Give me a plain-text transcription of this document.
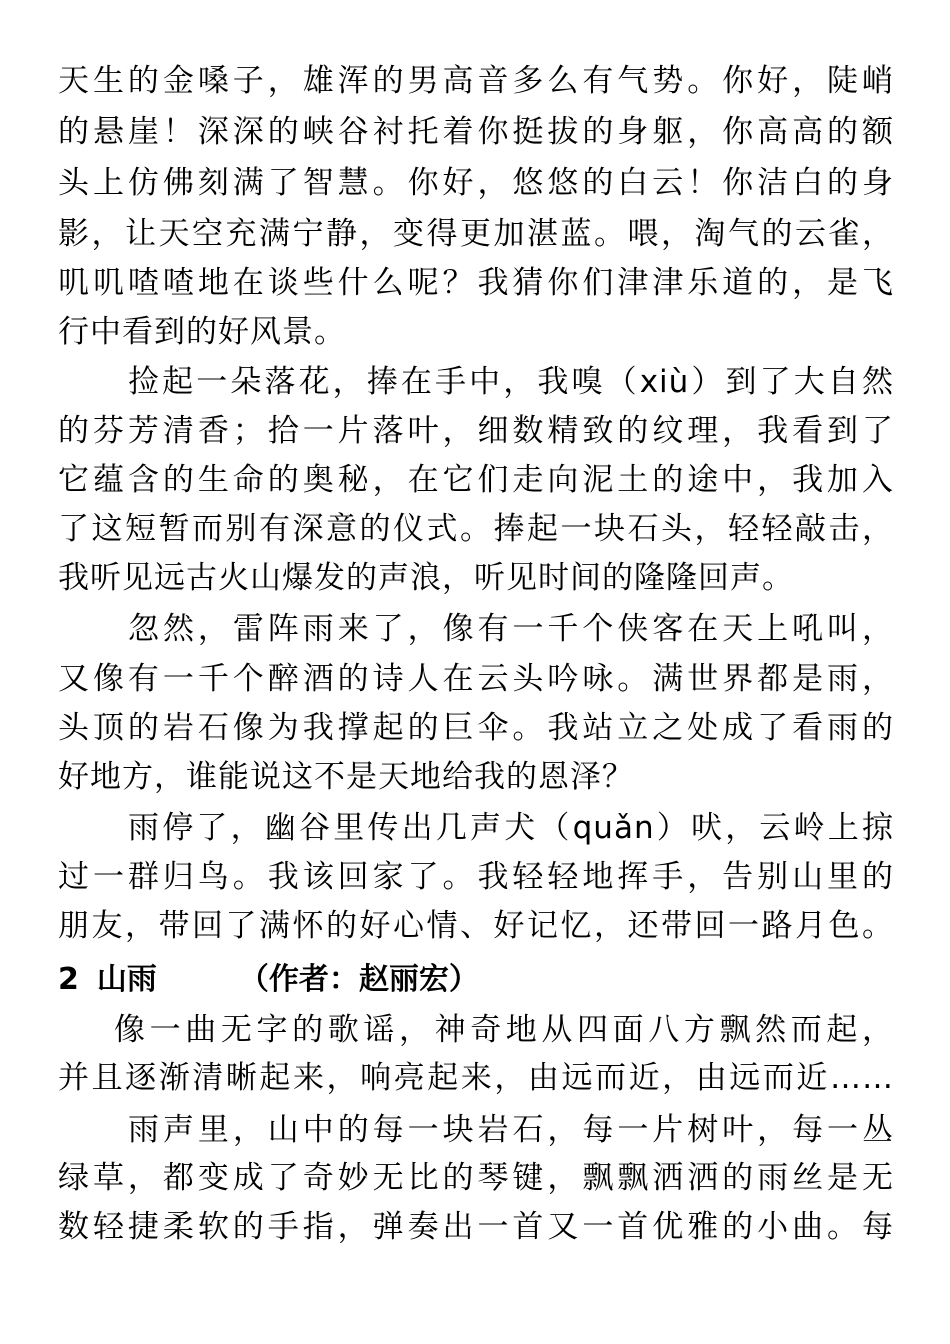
天生的金嗓子，雄浑的男高音多么有气势。你好，陡峭
的悬崖！深深的峡谷衬托着你挺拔的身躯，你高高的额
头上仿佛刻满了智慧。你好，悠悠的白云！你洁白的身
影，让天空充满宁静，变得更加湛蓝。喂，淘气的云雀，
叽叽喳喳地在谈些什么呢？我猜你们津津乐道的，是飞
行中看到的好风景。
捡起一朵落花，捧在手中，我嗅（xiù）到了大自然
的芬芳清香；拾一片落叶，细数精致的纹理，我看到了
它蕴含的生命的奥秘，在它们走向泥土的途中，我加入
了这短暂而别有深意的仪式。捧起一块石头，轻轻敲击，
我听见远古火山爆发的声浪，听见时间的隆隆回声。
忽然，雷阵雨来了，像有一千个侠客在天上吼叫，
又像有一千个醉酒的诗人在云头吟咏。满世界都是雨，
头顶的岩石像为我撑起的巨伞。我站立之处成了看雨的
好地方，谁能说这不是天地给我的恩泽？
雨停了，幽谷里传出几声犬（quǎn）吠，云岭上掠
过一群归鸟。我该回家了。我轻轻地挥手，告别山里的
朋友，带回了满怀的好心情、好记忆，还带回一路月色。
2 山雨	（作者：赵丽宏）
像一曲无字的歌谣，神奇地从四面八方飘然而起，
并且逐渐清晰起来，响亮起来，由远而近，由远而近……
雨声里，山中的每一块岩石，每一片树叶，每一丛
绿草，都变成了奇妙无比的琴键，飘飘洒洒的雨丝是无
数轻捷柔软的手指，弹奏出一首又一首优雅的小曲。每
